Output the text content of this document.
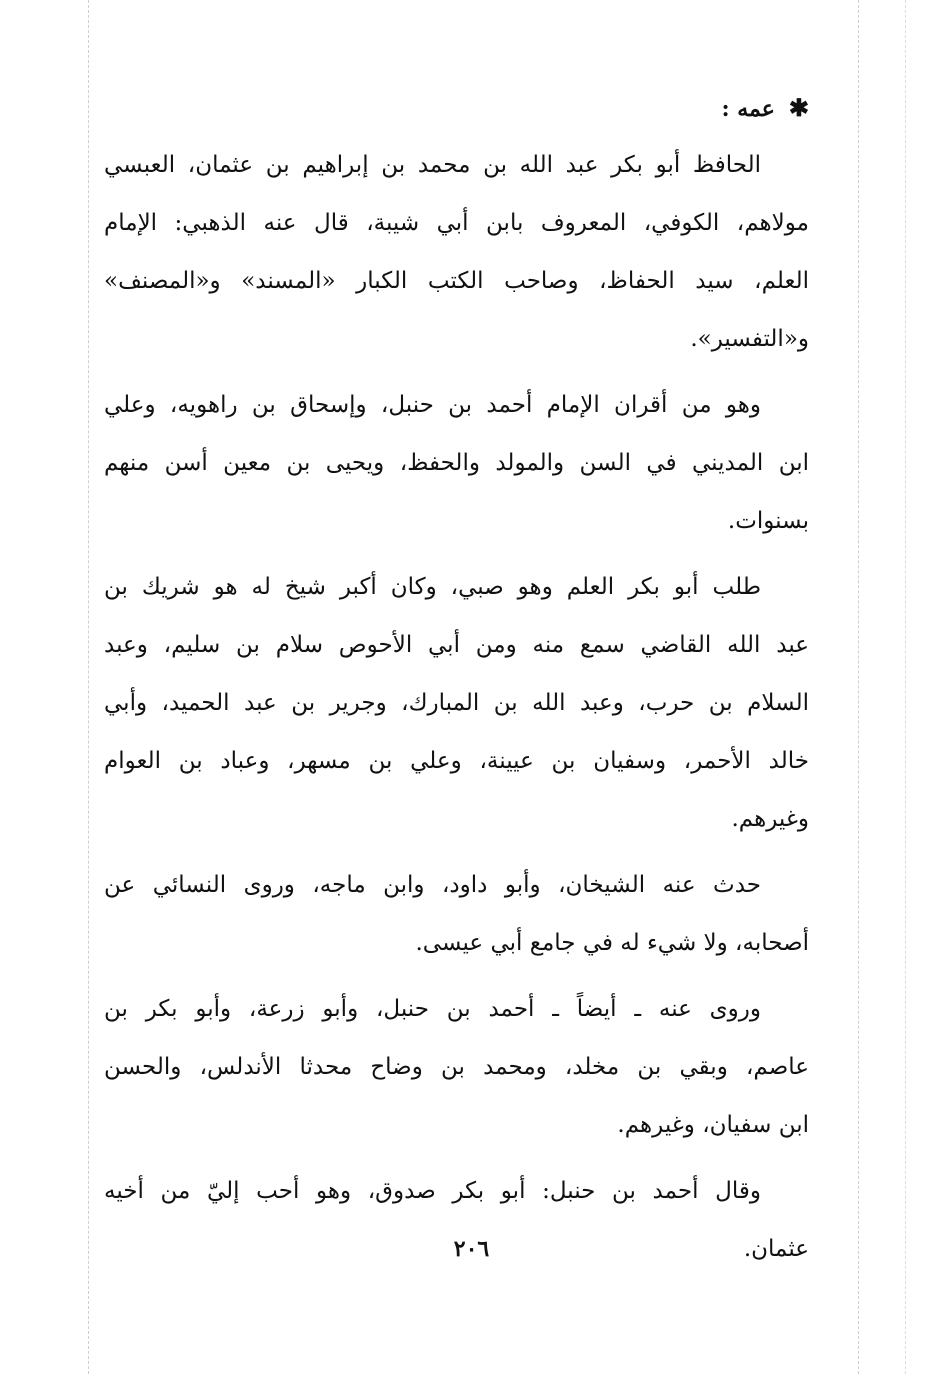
✱عمه :
الحافظ أبو بكر عبد الله بن محمد بن إبراهيم بن عثمان، العبسي
مولاهم، الكوفي، المعروف بابن أبي شيبة، قال عنه الذهبي: الإمام
العلم، سيد الحفاظ، وصاحب الكتب الكبار «المسند» و«المصنف»
و«التفسير».
وهو من أقران الإمام أحمد بن حنبل، وإسحاق بن راهويه، وعلي
ابن المديني في السن والمولد والحفظ، ويحيى بن معين أسن منهم
بسنوات.
طلب أبو بكر العلم وهو صبي، وكان أكبر شيخ له هو شريك بن
عبد الله القاضي سمع منه ومن أبي الأحوص سلام بن سليم، وعبد
السلام بن حرب، وعبد الله بن المبارك، وجرير بن عبد الحميد، وأبي
خالد الأحمر، وسفيان بن عيينة، وعلي بن مسهر، وعباد بن العوام
وغيرهم.
حدث عنه الشيخان، وأبو داود، وابن ماجه، وروى النسائي عن
أصحابه، ولا شيء له في جامع أبي عيسى.
وروى عنه ـ أيضاً ـ أحمد بن حنبل، وأبو زرعة، وأبو بكر بن
عاصم، وبقي بن مخلد، ومحمد بن وضاح محدثا الأندلس، والحسن
ابن سفيان، وغيرهم.
وقال أحمد بن حنبل: أبو بكر صدوق، وهو أحب إليّ من أخيه
عثمان.
٢٠٦
